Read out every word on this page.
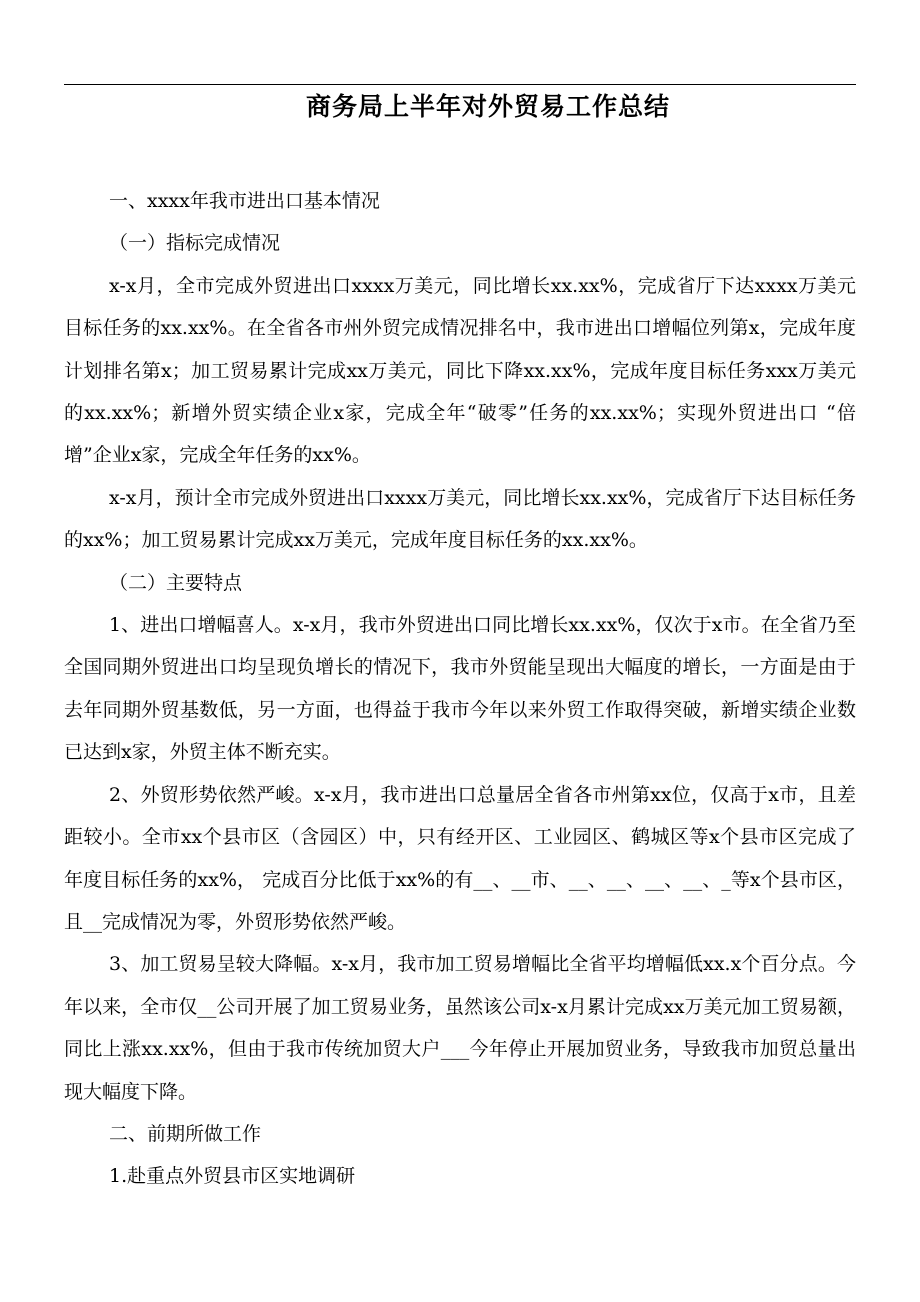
商务局上半年对外贸易工作总结

一、xxxx年我市进出口基本情况

（一）指标完成情况

x-x月，全市完成外贸进出口xxxx万美元，同比增长xx.xx%，完成省厅下达xxxx万美元目标任务的xx.xx%。在全省各市州外贸完成情况排名中，我市进出口增幅位列第x，完成年度计划排名第x；加工贸易累计完成xx万美元，同比下降xx.xx%，完成年度目标任务xxx万美元的xx.xx%；新增外贸实绩企业x家，完成全年“破零”任务的xx.xx%；实现外贸进出口 “倍增”企业x家，完成全年任务的xx%。

x-x月，预计全市完成外贸进出口xxxx万美元，同比增长xx.xx%，完成省厅下达目标任务的xx%；加工贸易累计完成xx万美元，完成年度目标任务的xx.xx%。

（二）主要特点

1、进出口增幅喜人。x-x月，我市外贸进出口同比增长xx.xx%，仅次于x市。在全省乃至全国同期外贸进出口均呈现负增长的情况下，我市外贸能呈现出大幅度的增长，一方面是由于去年同期外贸基数低，另一方面，也得益于我市今年以来外贸工作取得突破，新增实绩企业数已达到x家，外贸主体不断充实。

2、外贸形势依然严峻。x-x月，我市进出口总量居全省各市州第xx位，仅高于x市，且差距较小。全市xx个县市区（含园区）中，只有经开区、工业园区、鹤城区等x个县市区完成了年度目标任务的xx%， 完成百分比低于xx%的有__、__市、__、__、__、__、_等x个县市区，且__完成情况为零，外贸形势依然严峻。

3、加工贸易呈较大降幅。x-x月，我市加工贸易增幅比全省平均增幅低xx.x个百分点。今年以来，全市仅__公司开展了加工贸易业务，虽然该公司x-x月累计完成xx万美元加工贸易额，同比上涨xx.xx%，但由于我市传统加贸大户___今年停止开展加贸业务，导致我市加贸总量出现大幅度下降。

二、前期所做工作

1.赴重点外贸县市区实地调研
